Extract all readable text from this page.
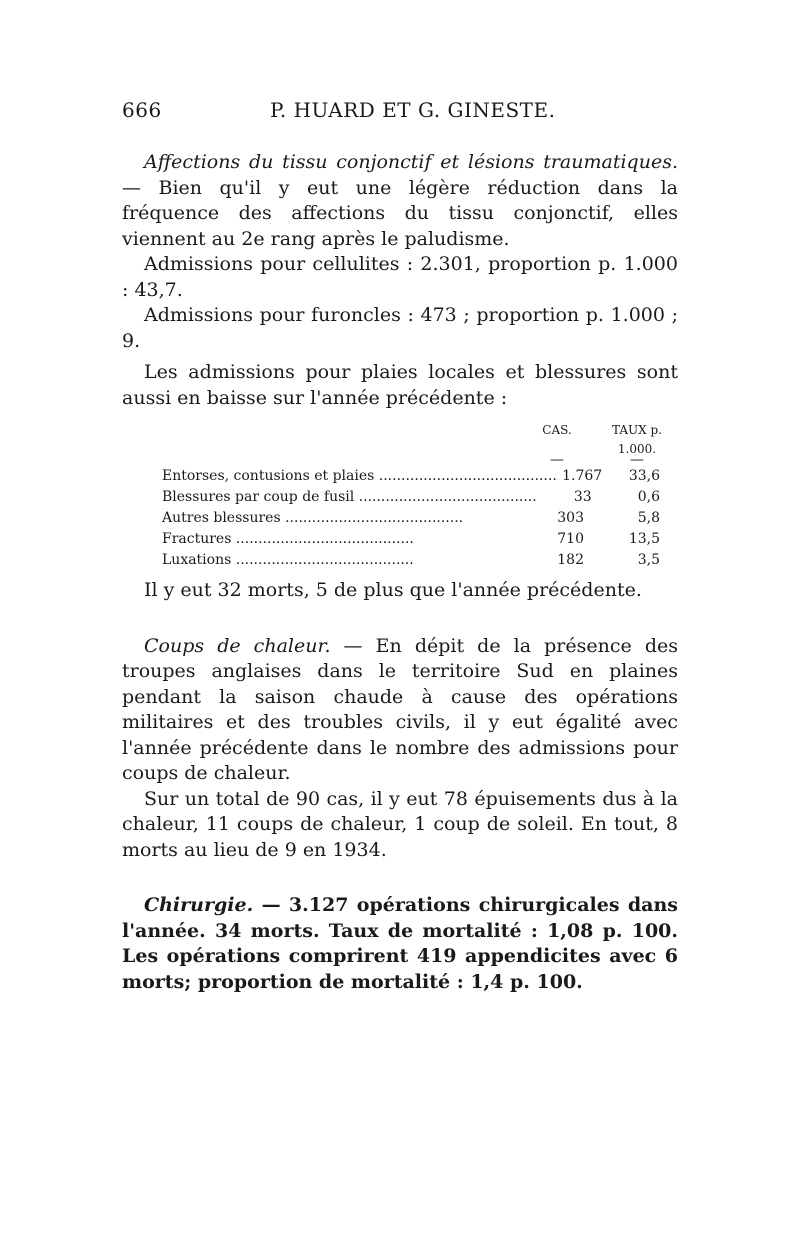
666	P. HUARD ET G. GINESTE.

Affections du tissu conjonctif et lésions traumatiques. — Bien qu'il y eut une légère réduction dans la fréquence des affections du tissu conjonctif, elles viennent au 2e rang après le paludisme.

Admissions pour cellulites : 2.301, proportion p. 1.000 : 43,7.

Admissions pour furoncles : 473 ; proportion p. 1.000 ; 9.

Les admissions pour plaies locales et blessures sont aussi en baisse sur l'année précédente :

CAS.	TAUX p. 1.000.
—	—
Entorses, contusions et plaies ........................................ 1.767	33,6
Blessures par coup de fusil ........................................	33	0,6
Autres blessures ........................................	303	5,8
Fractures ........................................	710	13,5
Luxations ........................................	182	3,5

Il y eut 32 morts, 5 de plus que l'année précédente.

Coups de chaleur. — En dépit de la présence des troupes anglaises dans le territoire Sud en plaines pendant la saison chaude à cause des opérations militaires et des troubles civils, il y eut égalité avec l'année précédente dans le nombre des admissions pour coups de chaleur.

Sur un total de 90 cas, il y eut 78 épuisements dus à la chaleur, 11 coups de chaleur, 1 coup de soleil. En tout, 8 morts au lieu de 9 en 1934.

Chirurgie. — 3.127 opérations chirurgicales dans l'année. 34 morts. Taux de mortalité : 1,08 p. 100. Les opérations comprirent 419 appendicites avec 6 morts; proportion de mortalité : 1,4 p. 100.
